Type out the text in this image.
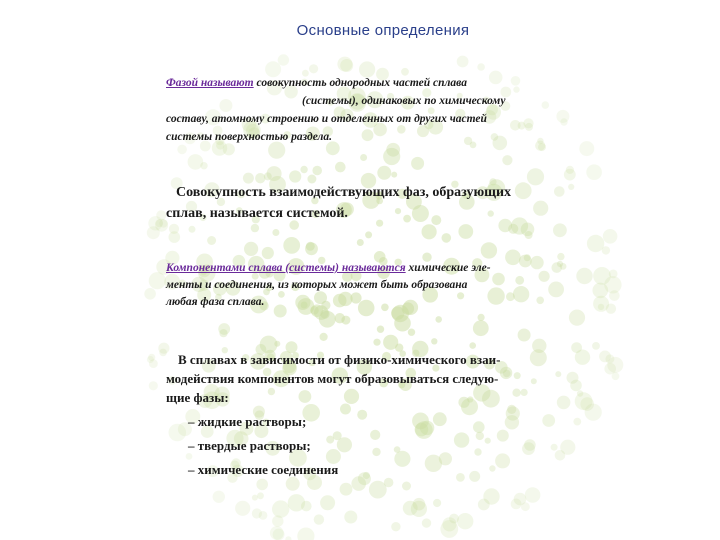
Основные определения
Фазой называют совокупность однородных частей сплава
(системы), одинаковых по химическому
составу, атомному строению и отделенных от других частей
системы поверхностью раздела.
Совокупность взаимодействующих фаз, образующих
сплав, называется системой.
Компонентами сплава (системы) называются химические эле-
менты и соединения, из которых может быть образована
любая фаза сплава.
В сплавах в зависимости от физико-химического взаи-
модействия компонентов могут образовываться следую-
щие фазы:
– жидкие растворы;
– твердые растворы;
– химические соединения
